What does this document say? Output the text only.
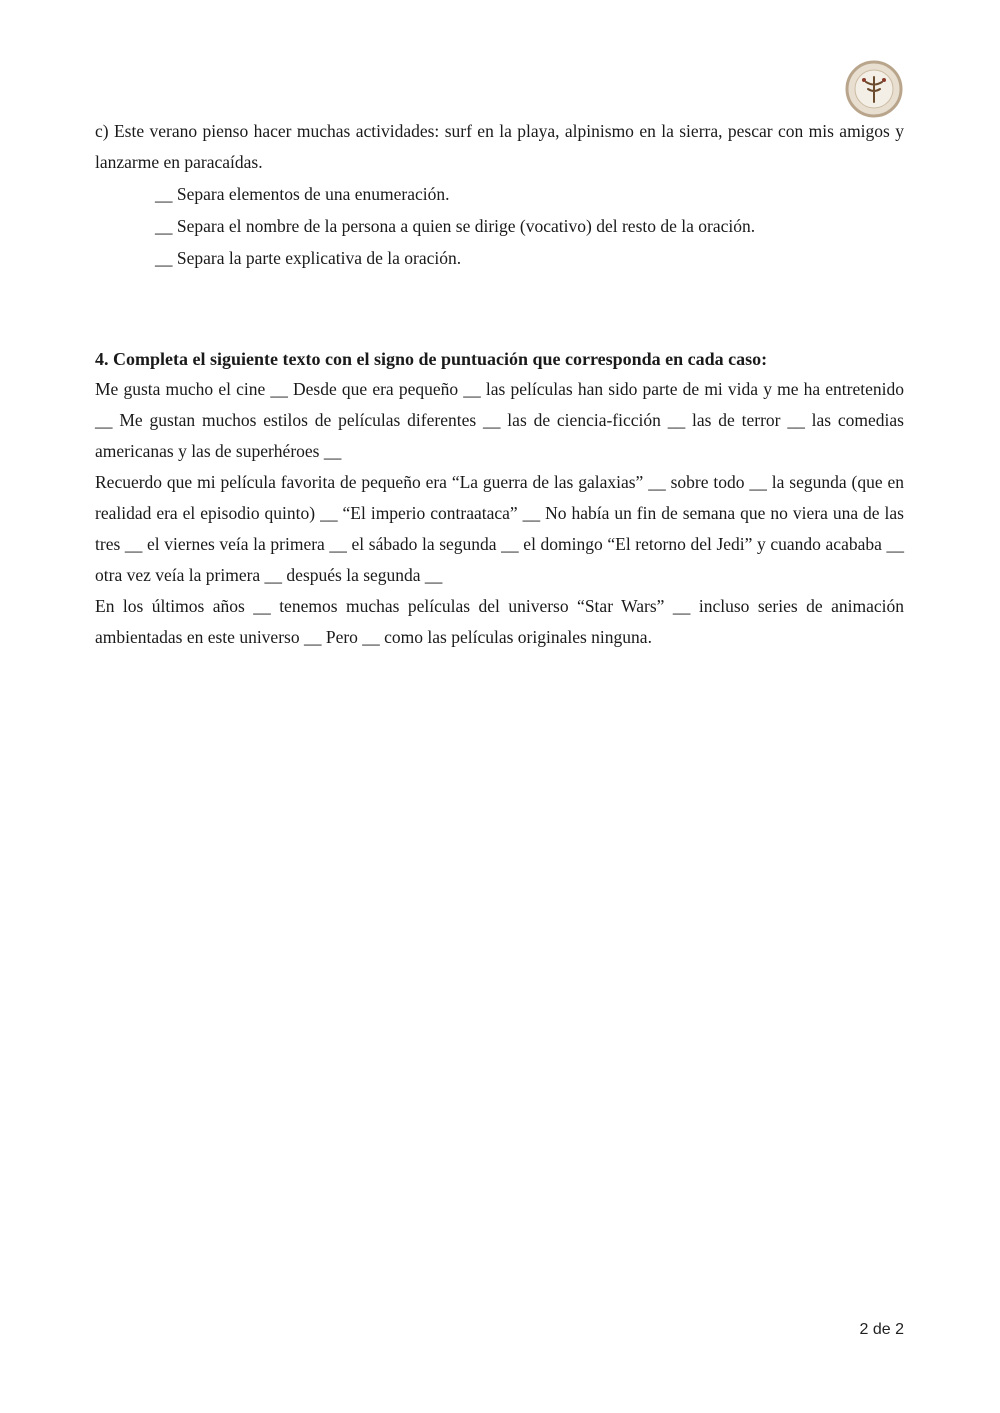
c) Este verano pienso hacer muchas actividades: surf en la playa, alpinismo en la sierra, pescar con mis amigos y lanzarme en paracaídas.

__ Separa elementos de una enumeración.

__ Separa el nombre de la persona a quien se dirige (vocativo) del resto de la oración.

__ Separa la parte explicativa de la oración.

4. Completa el siguiente texto con el signo de puntuación que corresponda en cada caso:

Me gusta mucho el cine __ Desde que era pequeño __ las películas han sido parte de mi vida y me ha entretenido __ Me gustan muchos estilos de películas diferentes __ las de ciencia-ficción __ las de terror __ las comedias americanas y las de superhéroes __

Recuerdo que mi película favorita de pequeño era “La guerra de las galaxias” __ sobre todo __ la segunda (que en realidad era el episodio quinto) __ “El imperio contraataca” __ No había un fin de semana que no viera una de las tres __ el viernes veía la primera __ el sábado la segunda __ el domingo “El retorno del Jedi” y cuando acababa __ otra vez veía la primera __ después la segunda __

En los últimos años __ tenemos muchas películas del universo “Star Wars” __ incluso series de animación ambientadas en este universo __ Pero __ como las películas originales ninguna.

2 de 2
